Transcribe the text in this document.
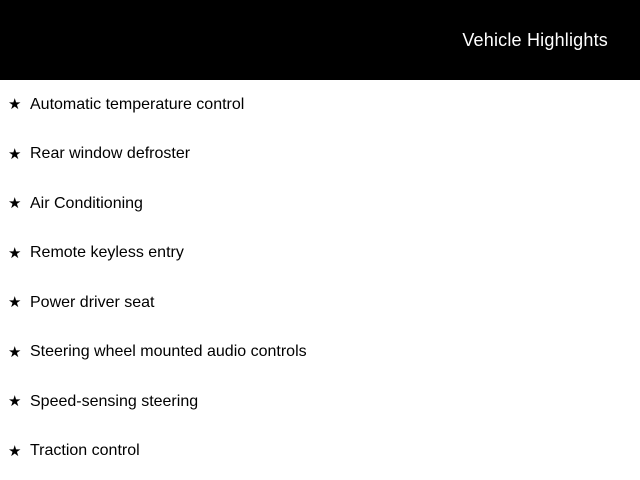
Vehicle Highlights
★ Automatic temperature control
★ Rear window defroster
★ Air Conditioning
★ Remote keyless entry
★ Power driver seat
★ Steering wheel mounted audio controls
★ Speed-sensing steering
★ Traction control
